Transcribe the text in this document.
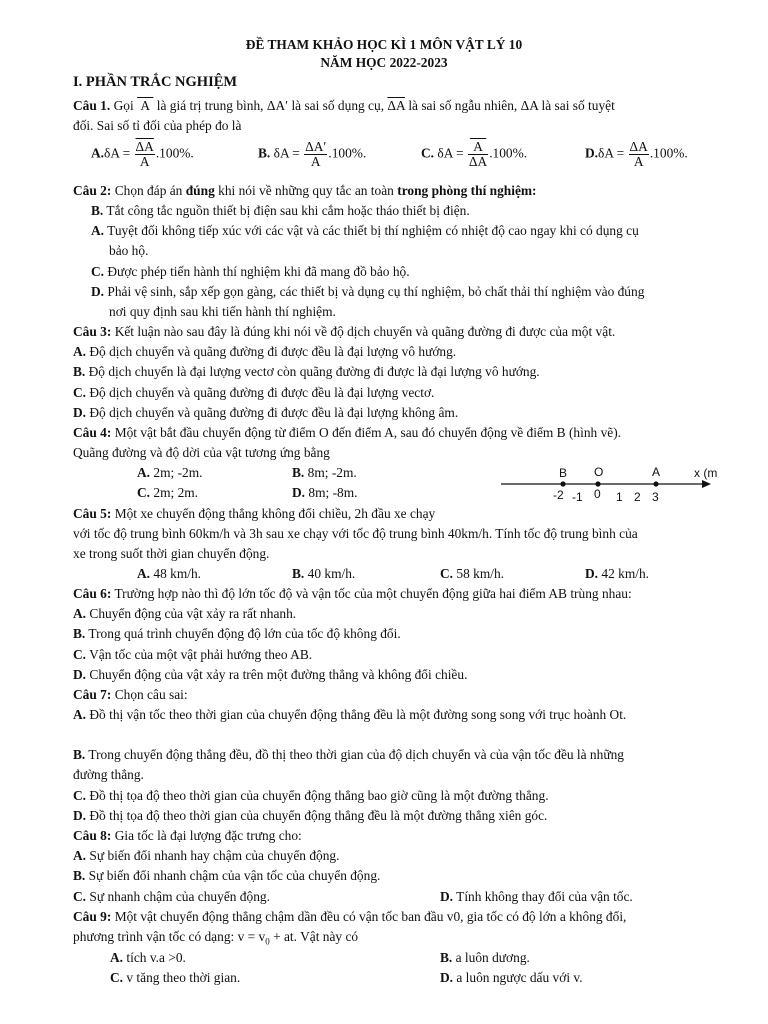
ĐỀ THAM KHẢO HỌC KÌ 1 MÔN VẬT LÝ 10
NĂM HỌC 2022-2023
I. PHẦN TRẮC NGHIỆM
Câu 1. Gọi  A  là giá trị trung bình, ΔA′ là sai số dụng cụ, $\overline{\Delta A}$ là sai số ngẫu nhiên, ΔA là sai số tuyệt
đối. Sai số tỉ đối của phép đo là
$A.\delta A = \frac{\overline{\Delta A}}{A} .100\%$.	B. $\delta A = \frac{\Delta A'}{A} .100\%$.	C. $\delta A = \frac{A}{\Delta A} .100\%$.	$D.\delta A = \frac{\Delta A}{A} .100\%$.
Câu 2: Chọn đáp án đúng khi nói về những quy tắc an toàn trong phòng thí nghiệm:
B. Tắt công tắc nguồn thiết bị điện sau khi cắm hoặc tháo thiết bị điện.
A. Tuyệt đối không tiếp xúc với các vật và các thiết bị thí nghiệm có nhiệt độ cao ngay khi có dụng cụ
bảo hộ.
C. Được phép tiến hành thí nghiệm khi đã mang đồ bảo hộ.
D. Phải vệ sinh, sắp xếp gọn gàng, các thiết bị và dụng cụ thí nghiệm, bỏ chất thải thí nghiệm vào đúng
nơi quy định sau khi tiến hành thí nghiệm.
Câu 3: Kết luận nào sau đây là đúng khi nói về độ dịch chuyển và quãng đường đi được của một vật.
A. Độ dịch chuyển và quãng đường đi được đều là đại lượng vô hướng.
B. Độ dịch chuyển là đại lượng vectơ còn quãng đường đi được là đại lượng vô hướng.
C. Độ dịch chuyển và quãng đường đi được đều là đại lượng vectơ.
D. Độ dịch chuyển và quãng đường đi được đều là đại lượng không âm.
Câu 4: Một vật bắt đầu chuyển động từ điểm O đến điểm A, sau đó chuyển động về điểm B (hình vẽ).
Quãng đường và độ dời của vật tương ứng bằng
A. 2m; -2m.	B. 8m; -2m.
C. 2m; 2m.	D. 8m; -8m.
B O	A	x (m
-2 -1 0 1 2 3
Câu 5: Một xe chuyển động thẳng không đổi chiều, 2h đầu xe chạy
với tốc độ trung bình 60km/h và 3h sau xe chạy với tốc độ trung bình 40km/h. Tính tốc độ trung bình của
xe trong suốt thời gian chuyển động.
A. 48 km/h.	B. 40 km/h.	C. 58 km/h.	D. 42 km/h.
Câu 6: Trường hợp nào thì độ lớn tốc độ và vận tốc của một chuyển động giữa hai điểm AB trùng nhau:
A. Chuyển động của vật xảy ra rất nhanh.
B. Trong quá trình chuyển động độ lớn của tốc độ không đổi.
C. Vận tốc của một vật phải hướng theo AB.
D. Chuyển động của vật xảy ra trên một đường thẳng và không đổi chiều.
Câu 7: Chọn câu sai:
A. Đồ thị vận tốc theo thời gian của chuyển động thẳng đều là một đường song song với trục hoành Ot.
B. Trong chuyển động thẳng đều, đồ thị theo thời gian của độ dịch chuyển và của vận tốc đều là những
đường thẳng.
C. Đồ thị tọa độ theo thời gian của chuyển động thẳng bao giờ cũng là một đường thẳng.
D. Đồ thị tọa độ theo thời gian của chuyển động thẳng đều là một đường thẳng xiên góc.
Câu 8: Gia tốc là đại lượng đặc trưng cho:
A. Sự biến đổi nhanh hay chậm của chuyển động.
B. Sự biến đổi nhanh chậm của vận tốc của chuyển động.
C. Sự nhanh chậm của chuyển động.	D. Tính không thay đổi của vận tốc.
Câu 9: Một vật chuyển động thẳng chậm dần đều có vận tốc ban đầu v0, gia tốc có độ lớn a không đổi,
phương trình vận tốc có dạng: $v = v_0$ + at. Vật này có
A. tích v.a >0.	B. a luôn dương.
C. v tăng theo thời gian.	D. a luôn ngược dấu với v.
